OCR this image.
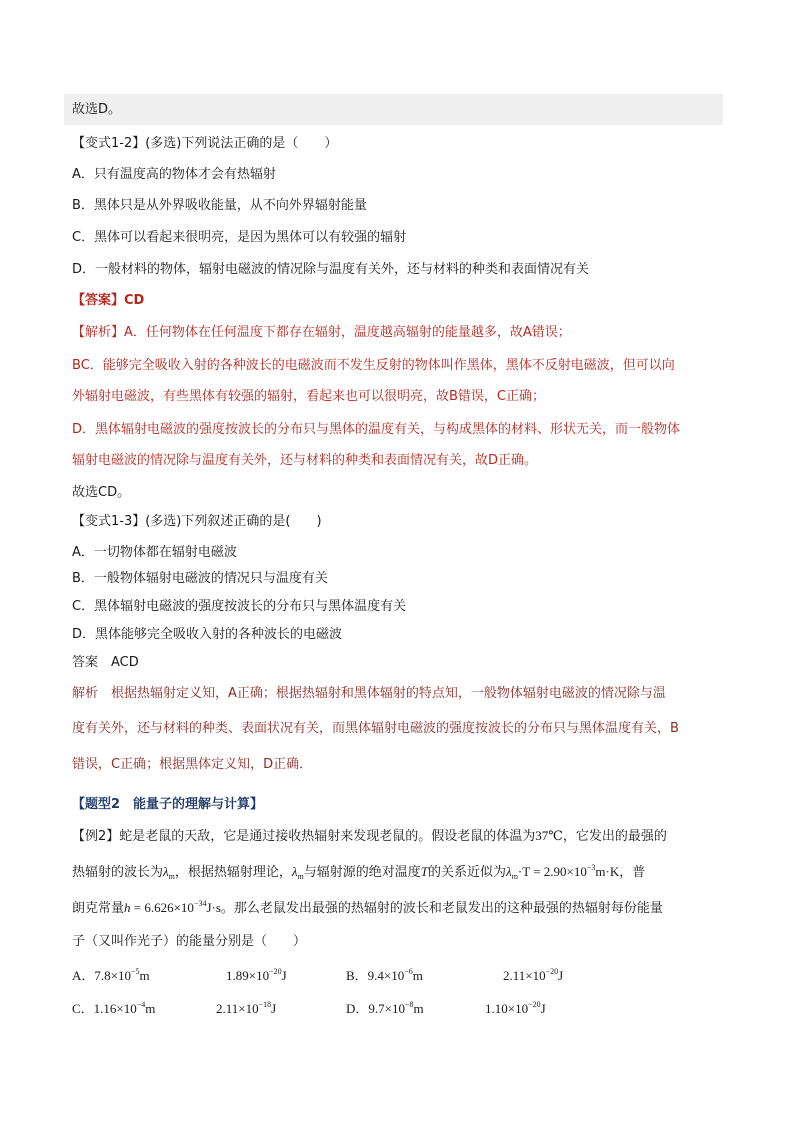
故选D。
【变式1-2】(多选)下列说法正确的是（　　）
A．只有温度高的物体才会有热辐射
B．黑体只是从外界吸收能量，从不向外界辐射能量
C．黑体可以看起来很明亮，是因为黑体可以有较强的辐射
D．一般材料的物体，辐射电磁波的情况除与温度有关外，还与材料的种类和表面情况有关
【答案】CD
【解析】A．任何物体在任何温度下都存在辐射，温度越高辐射的能量越多，故A错误；
BC．能够完全吸收入射的各种波长的电磁波而不发生反射的物体叫作黑体，黑体不反射电磁波，但可以向
外辐射电磁波，有些黑体有较强的辐射，看起来也可以很明亮，故B错误，C正确；
D．黑体辐射电磁波的强度按波长的分布只与黑体的温度有关，与构成黑体的材料、形状无关，而一般物体
辐射电磁波的情况除与温度有关外，还与材料的种类和表面情况有关，故D正确。
故选CD。
【变式1-3】(多选)下列叙述正确的是(　　)
A．一切物体都在辐射电磁波
B．一般物体辐射电磁波的情况只与温度有关
C．黑体辐射电磁波的强度按波长的分布只与黑体温度有关
D．黑体能够完全吸收入射的各种波长的电磁波
答案　ACD
解析　根据热辐射定义知，A正确；根据热辐射和黑体辐射的特点知，一般物体辐射电磁波的情况除与温
度有关外，还与材料的种类、表面状况有关，而黑体辐射电磁波的强度按波长的分布只与黑体温度有关，B
错误，C正确；根据黑体定义知，D正确．
【题型2　能量子的理解与计算】
【例2】蛇是老鼠的天敌，它是通过接收热辐射来发现老鼠的。假设老鼠的体温为37℃，它发出的最强的
热辐射的波长为$\lambda_m$，根据热辐射理论，$\lambda_m$与辐射源的绝对温度T的关系近似为$\lambda_m\cdot T = 2.90\times 10^{-3}m\cdot K$，普
朗克常量$h = 6.626\times 10^{-34}J\cdot s$。那么老鼠发出最强的热辐射的波长和老鼠发出的这种最强的热辐射每份能量
子（又叫作光子）的能量分别是（　　）
A．$7.8\times 10^{-5}m$	$1.89\times 10^{-20}J$	B．$9.4\times 10^{-6}m$	$2.11\times 10^{-20}J$
C．$1.16\times 10^{-4}m$	$2.11\times 10^{-18}J$	D．$9.7\times 10^{-8}m$	$1.10\times 10^{-20}J$
